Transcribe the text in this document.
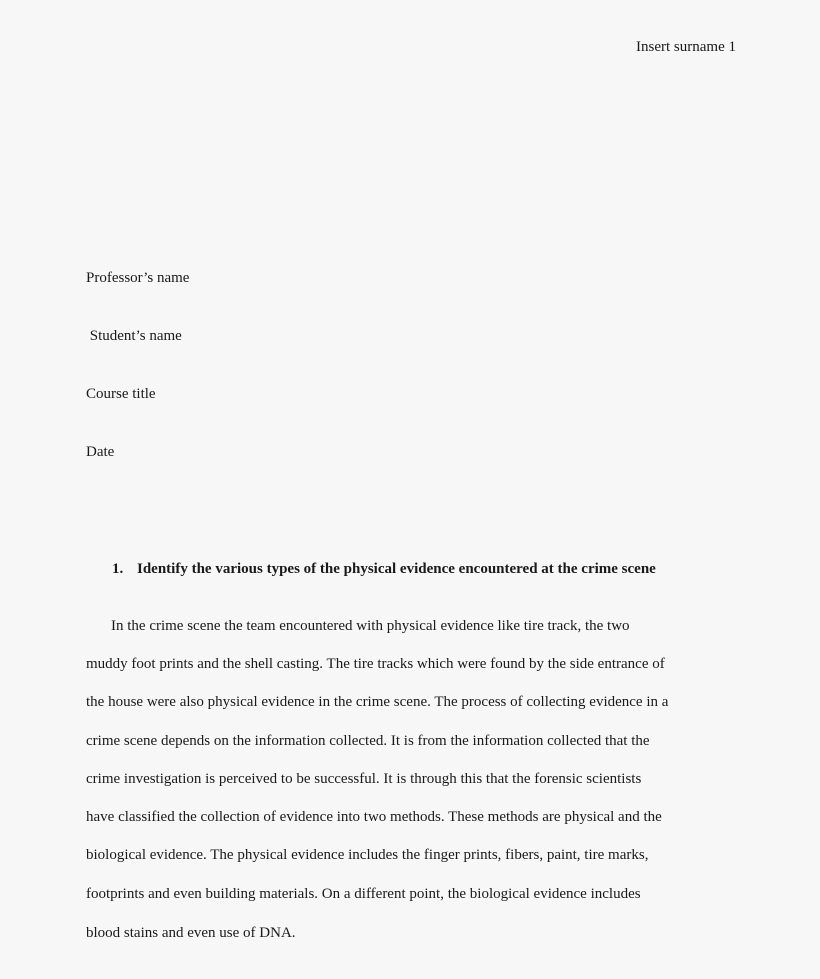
Insert surname 1
Professor’s name
Student’s name
Course title
Date
1. Identify the various types of the physical evidence encountered at the crime scene
In the crime scene the team encountered with physical evidence like tire track, the two
muddy foot prints and the shell casting. The tire tracks which were found by the side entrance of
the house were also physical evidence in the crime scene. The process of collecting evidence in a
crime scene depends on the information collected. It is from the information collected that the
crime investigation is perceived to be successful. It is through this that the forensic scientists
have classified the collection of evidence into two methods. These methods are physical and the
biological evidence. The physical evidence includes the finger prints, fibers, paint, tire marks,
footprints and even building materials. On a different point, the biological evidence includes
blood stains and even use of DNA.
